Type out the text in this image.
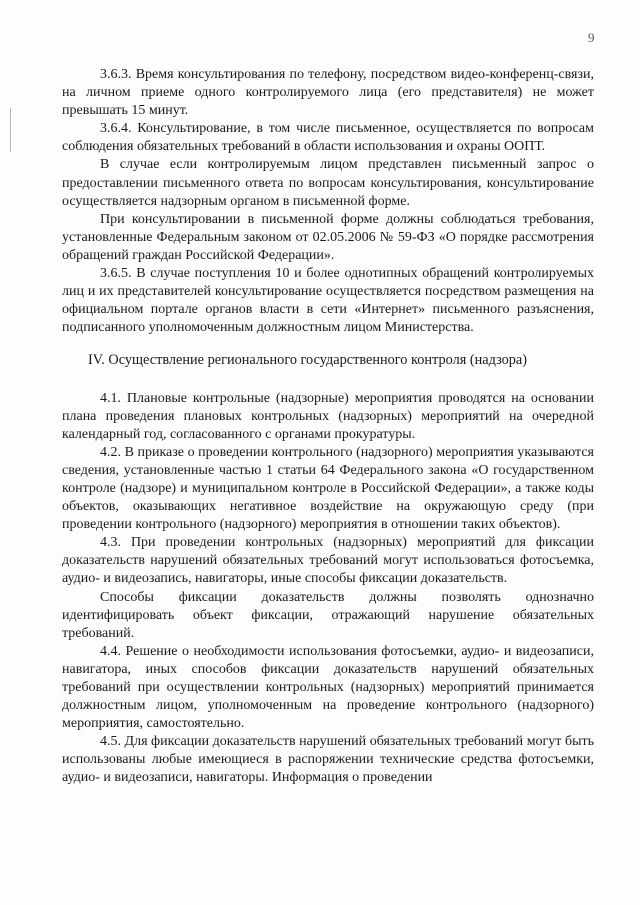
9

3.6.3. Время консультирования по телефону, посредством видео-конференц-связи, на личном приеме одного контролируемого лица (его представителя) не может превышать 15 минут.

3.6.4. Консультирование, в том числе письменное, осуществляется по вопросам соблюдения обязательных требований в области использования и охраны ООПТ.

В случае если контролируемым лицом представлен письменный запрос о предоставлении письменного ответа по вопросам консультирования, консультирование осуществляется надзорным органом в письменной форме.

При консультировании в письменной форме должны соблюдаться требования, установленные Федеральным законом от 02.05.2006 № 59-ФЗ «О порядке рассмотрения обращений граждан Российской Федерации».

3.6.5. В случае поступления 10 и более однотипных обращений контролируемых лиц и их представителей консультирование осуществляется посредством размещения на официальном портале органов власти в сети «Интернет» письменного разъяснения, подписанного уполномоченным должностным лицом Министерства.

IV. Осуществление регионального государственного контроля (надзора)

4.1. Плановые контрольные (надзорные) мероприятия проводятся на основании плана проведения плановых контрольных (надзорных) мероприятий на очередной календарный год, согласованного с органами прокуратуры.

4.2. В приказе о проведении контрольного (надзорного) мероприятия указываются сведения, установленные частью 1 статьи 64 Федерального закона «О государственном контроле (надзоре) и муниципальном контроле в Российской Федерации», а также коды объектов, оказывающих негативное воздействие на окружающую среду (при проведении контрольного (надзорного) мероприятия в отношении таких объектов).

4.3. При проведении контрольных (надзорных) мероприятий для фиксации доказательств нарушений обязательных требований могут использоваться фотосъемка, аудио- и видеозапись, навигаторы, иные способы фиксации доказательств.

Способы фиксации доказательств должны позволять однозначно идентифицировать объект фиксации, отражающий нарушение обязательных требований.

4.4. Решение о необходимости использования фотосъемки, аудио- и видеозаписи, навигатора, иных способов фиксации доказательств нарушений обязательных требований при осуществлении контрольных (надзорных) мероприятий принимается должностным лицом, уполномоченным на проведение контрольного (надзорного) мероприятия, самостоятельно.

4.5. Для фиксации доказательств нарушений обязательных требований могут быть использованы любые имеющиеся в распоряжении технические средства фотосъемки, аудио- и видеозаписи, навигаторы. Информация о проведении
